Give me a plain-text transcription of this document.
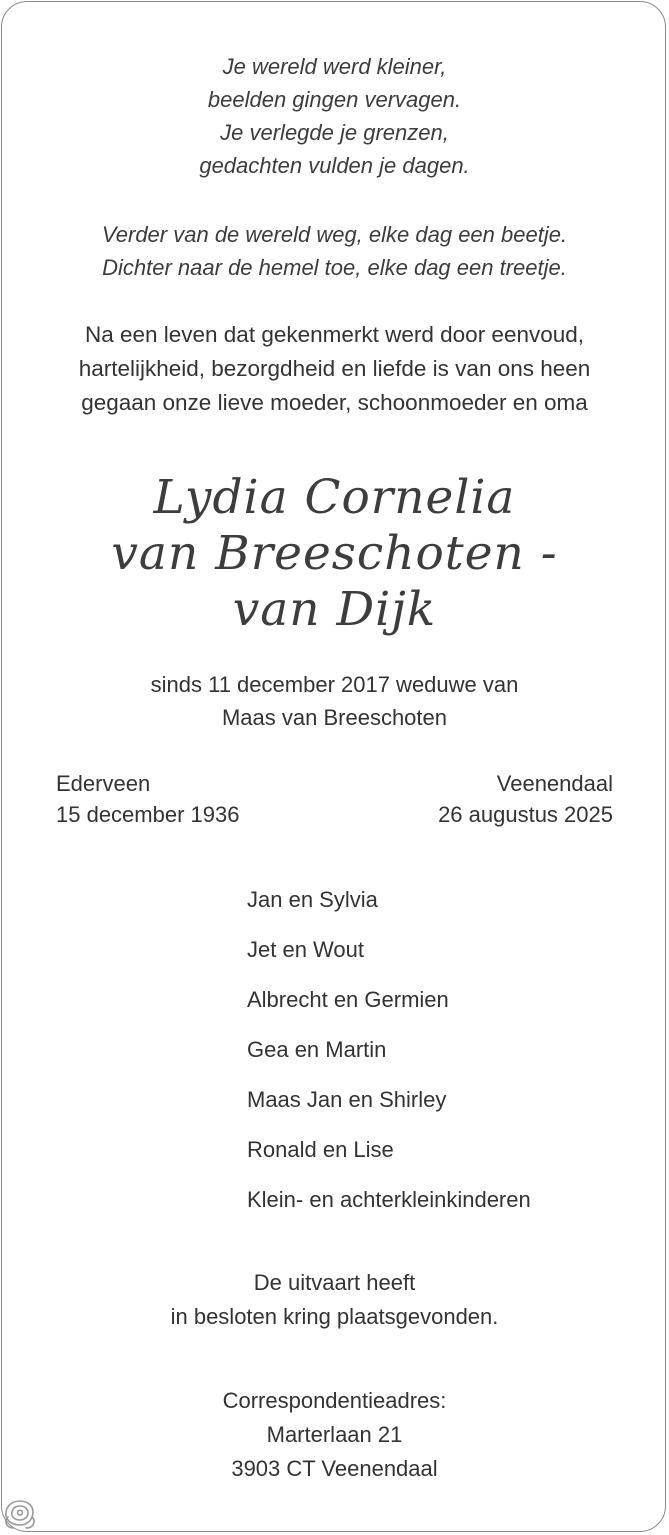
Je wereld werd kleiner,
beelden gingen vervagen.
Je verlegde je grenzen,
gedachten vulden je dagen.
Verder van de wereld weg, elke dag een beetje.
Dichter naar de hemel toe, elke dag een treetje.
Na een leven dat gekenmerkt werd door eenvoud,
hartelijkheid, bezorgdheid en liefde is van ons heen
gegaan onze lieve moeder, schoonmoeder en oma
Lydia Cornelia
van Breeschoten -
van Dijk
sinds 11 december 2017 weduwe van
Maas van Breeschoten
Ederveen
15 december 1936
Veenendaal
26 augustus 2025
Jan en Sylvia
Jet en Wout
Albrecht en Germien
Gea en Martin
Maas Jan en Shirley
Ronald en Lise
Klein- en achterkleinkinderen
De uitvaart heeft
in besloten kring plaatsgevonden.
Correspondentieadres:
Marterlaan 21
3903 CT Veenendaal
